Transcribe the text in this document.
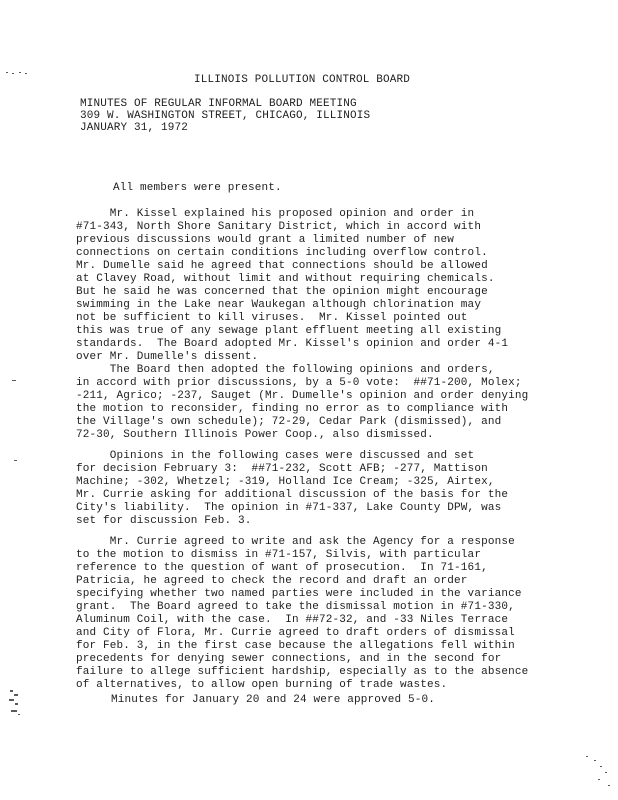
ILLINOIS POLLUTION CONTROL BOARD
MINUTES OF REGULAR INFORMAL BOARD MEETING
309 W. WASHINGTON STREET, CHICAGO, ILLINOIS
JANUARY 31, 1972
All members were present.
Mr. Kissel explained his proposed opinion and order in
#71-343, North Shore Sanitary District, which in accord with
previous discussions would grant a limited number of new
connections on certain conditions including overflow control.
Mr. Dumelle said he agreed that connections should be allowed
at Clavey Road, without limit and without requiring chemicals.
But he said he was concerned that the opinion might encourage
swimming in the Lake near Waukegan although chlorination may
not be sufficient to kill viruses.  Mr. Kissel pointed out
this was true of any sewage plant effluent meeting all existing
standards.  The Board adopted Mr. Kissel's opinion and order 4-1
over Mr. Dumelle's dissent.
The Board then adopted the following opinions and orders,
in accord with prior discussions, by a 5-0 vote:  ##71-200, Molex;
-211, Agrico; -237, Sauget (Mr. Dumelle's opinion and order denying
the motion to reconsider, finding no error as to compliance with
the Village's own schedule); 72-29, Cedar Park (dismissed), and
72-30, Southern Illinois Power Coop., also dismissed.
Opinions in the following cases were discussed and set
for decision February 3:  ##71-232, Scott AFB; -277, Mattison
Machine; -302, Whetzel; -319, Holland Ice Cream; -325, Airtex,
Mr. Currie asking for additional discussion of the basis for the
City's liability.  The opinion in #71-337, Lake County DPW, was
set for discussion Feb. 3.
Mr. Currie agreed to write and ask the Agency for a response
to the motion to dismiss in #71-157, Silvis, with particular
reference to the question of want of prosecution.  In 71-161,
Patricia, he agreed to check the record and draft an order
specifying whether two named parties were included in the variance
grant.  The Board agreed to take the dismissal motion in #71-330,
Aluminum Coil, with the case.  In ##72-32, and -33 Niles Terrace
and City of Flora, Mr. Currie agreed to draft orders of dismissal
for Feb. 3, in the first case because the allegations fell within
precedents for denying sewer connections, and in the second for
failure to allege sufficient hardship, especially as to the absence
of alternatives, to allow open burning of trade wastes.
Minutes for January 20 and 24 were approved 5-0.
